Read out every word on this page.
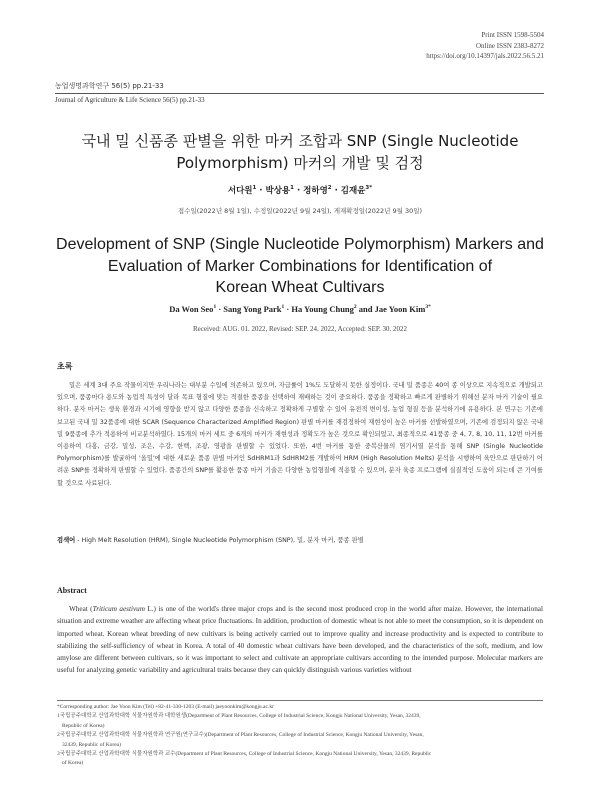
Print ISSN 1598-5504
Online ISSN 2383-8272
https://doi.org/10.14397/jals.2022.56.5.21
농업생명과학연구 56(5) pp.21-33
Journal of Agriculture & Life Science 56(5) pp.21-33
국내 밀 신품종 판별을 위한 마커 조합과 SNP (Single Nucleotide
Polymorphism) 마커의 개발 및 검정
서다원$^1$ · 박상용$^1$ · 정하영$^2$ · 김재윤$^{3*}$
접수일(2022년 8월 1일), 수정일(2022년 9월 24일), 게재확정일(2022년 9월 30일)
Development of SNP (Single Nucleotide Polymorphism) Markers and
Evaluation of Marker Combinations for Identification of
Korean Wheat Cultivars
Da Won Seo$^1$ · Sang Yong Park$^1$ · Ha Young Chung$^2$ and Jae Yoon Kim$^{3*}$
Received: AUG. 01. 2022, Revised: SEP. 24. 2022, Accepted: SEP. 30. 2022
초록
밀은 세계 3대 주요 작물이지만 우리나라는 대부분 수입에 의존하고 있으며, 자급률이 1%도 도달하지 못한 실정이다. 국내 밀 품종은 40여 종 이상으로 지속적으로 개발되고 있으며, 품종마다 용도와 농업적 특성이 달라 목표 형질에 맞는 적절한 품종을 선택하여 재배하는 것이 중요하다. 품종을 정확하고 빠르게 판별하기 위해선 분자 마커 기술이 필요하다. 분자 마커는 생육 환경과 시기에 영향을 받지 않고 다양한 품종을 신속하고 정확하게 구별할 수 있어 유전적 변이성, 농업 형질 등을 분석하기에 유용하다. 본 연구는 기존에 보고된 국내 밀 32품종에 대한 SCAR (Sequence Characterized Amplified Region) 판별 마커를 재검정하여 재현성이 높은 마커를 선발하였으며, 기존에 검정되지 않은 국내 밀 9품종에 추가 적용하여 비교분석하였다. 15개의 마커 세트 중 6개의 마커가 재현성과 정확도가 높은 것으로 확인되었고, 최종적으로 41품종 중 4, 7, 8, 10, 11, 12번 마커를 이용하여 다홍, 금강, 밀성, 조은, 수강, 한백, 조광, 영광을 판별할 수 있었다. 또한, 4번 마커를 통한 중복산물의 염기서열 분석을 통해 SNP (Single Nucleotide Polymorphism)를 발굴하여 '올밀'에 대한 새로운 품종 판별 마커인 SdHRM1과 SdHRM2를 개발하여 HRM (High Resolution Melts) 분석을 시행하여 육안으로 판단하기 어려운 SNP를 정확하게 판별할 수 있었다. 품종간의 SNP를 활용한 품종 마커 기술은 다양한 농업형질에 적용할 수 있으며, 분자 육종 프로그램에 실질적인 도움이 되는데 큰 기여를 할 것으로 사료된다.
검색어 - High Melt Resolution (HRM), Single Nucleotide Polymorphism (SNP), 밀, 분자 마커, 품종 판별
Abstract
Wheat (Triticum aestivum L.) is one of the world's three major crops and is the second most produced crop in the world after maize. However, the international situation and extreme weather are affecting wheat price fluctuations. In addition, production of domestic wheat is not able to meet the consumption, so it is dependent on imported wheat. Korean wheat breeding of new cultivars is being actively carried out to improve quality and increase productivity and is expected to contribute to stabilizing the self-sufficiency of wheat in Korea. A total of 40 domestic wheat cultivars have been developed, and the characteristics of the soft, medium, and low amylose are different between cultivars, so it was important to select and cultivate an appropriate cultivars according to the intended purpose. Molecular markers are useful for analyzing genetic variability and agricultural traits because they can quickly distinguish various varieties without
*Corresponding author: Jae Yoon Kim (Tel) +82-41-330-1203 (E-mail) jaeyoonkim@kongju.ac.kr
1국립공주대학교 산업과학대학 식물자원학과 대학원생(Department of Plant Resources, College of Industrial Science, Kongju National University, Yesan, 32439,
Republic of Korea)
2국립공주대학교 산업과학대학 식물자원학과 연구원(연구교수)(Department of Plant Resources, College of Industrial Science, Kongju National University, Yesan,
32439, Republic of Korea)
3국립공주대학교 산업과학대학 식물자원학과 교수(Department of Plant Resources, College of Industrial Science, Kongju National University, Yesan, 32439, Republic
of Korea)
